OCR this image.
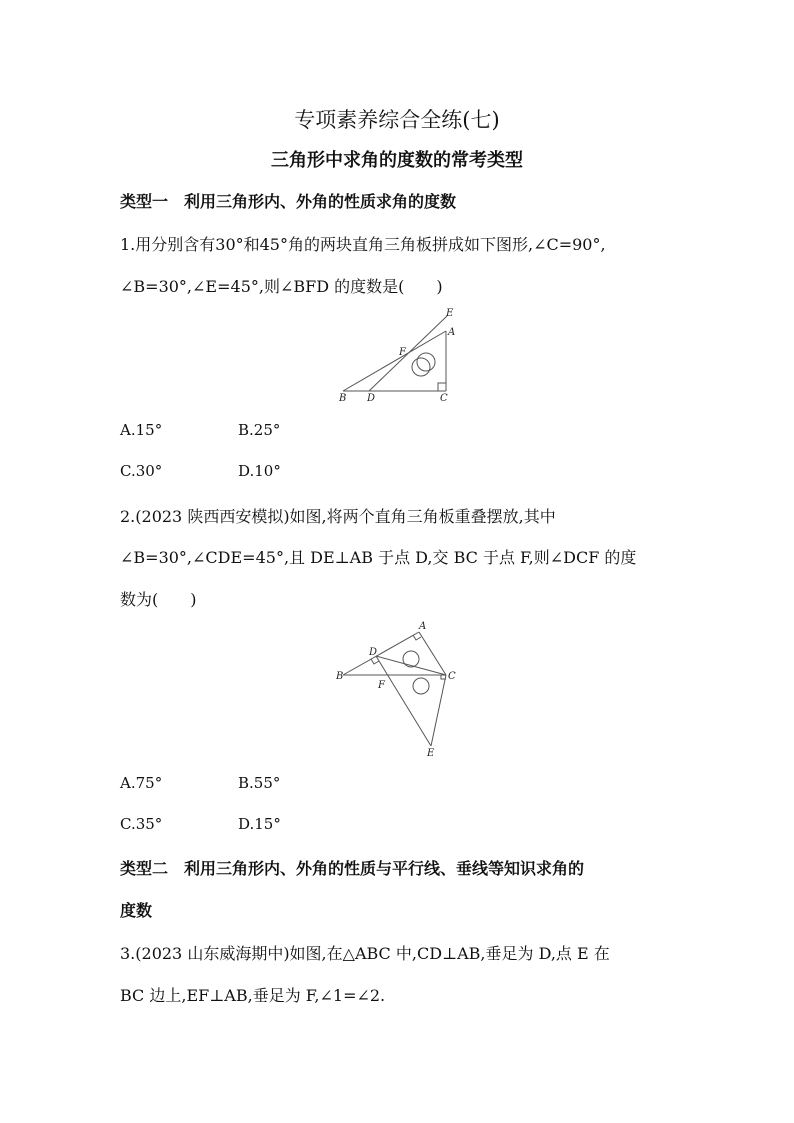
专项素养综合全练(七)
三角形中求角的度数的常考类型
类型一　利用三角形内、外角的性质求角的度数
1.用分别含有30°和45°角的两块直角三角板拼成如下图形,∠C=90°,
∠B=30°,∠E=45°,则∠BFD 的度数是(　　)
E
A
F
B D	C
A.15°	B.25°
C.30°	D.10°
2.(2023 陕西西安模拟)如图,将两个直角三角板重叠摆放,其中
∠B=30°,∠CDE=45°,且 DE⊥AB 于点 D,交 BC 于点 F,则∠DCF 的度
数为(　　)
A
D
B
F
C
E
A.75°	B.55°
C.35°	D.15°
类型二　利用三角形内、外角的性质与平行线、垂线等知识求角的
度数
3.(2023 山东威海期中)如图,在△ABC 中,CD⊥AB,垂足为 D,点 E 在
BC 边上,EF⊥AB,垂足为 F,∠1=∠2.
